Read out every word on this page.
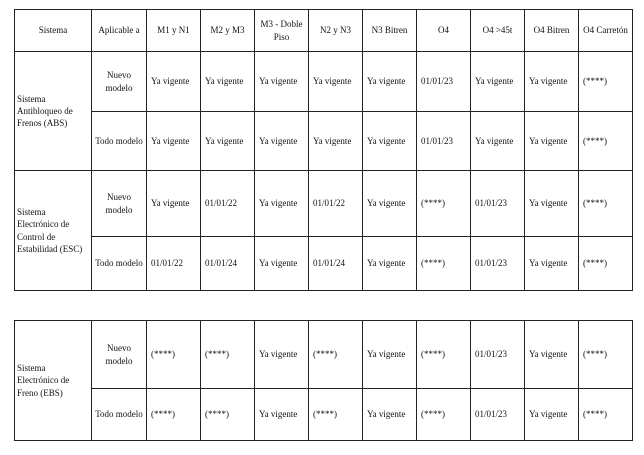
Sistema	Aplicable a	M1 y N1	M2 y M3	M3 - Doble Piso	N2 y N3	N3 Bitren	O4	O4 >45t	O4 Bitren	O4 Carretón
Sistema Antibloqueo de Frenos (ABS)	Nuevo modelo	Ya vigente	Ya vigente	Ya vigente	Ya vigente	Ya vigente	01/01/23	Ya vigente	Ya vigente	(****)
	Todo modelo	Ya vigente	Ya vigente	Ya vigente	Ya vigente	Ya vigente	01/01/23	Ya vigente	Ya vigente	(****)
Sistema Electrónico de Control de Estabilidad (ESC)	Nuevo modelo	Ya vigente	01/01/22	Ya vigente	01/01/22	Ya vigente	(****)	01/01/23	Ya vigente	(****)
	Todo modelo	01/01/22	01/01/24	Ya vigente	01/01/24	Ya vigente	(****)	01/01/23	Ya vigente	(****)
Sistema Electrónico de Freno (EBS)	Nuevo modelo	(****)	(****)	Ya vigente	(****)	Ya vigente	(****)	01/01/23	Ya vigente	(****)
	Todo modelo	(****)	(****)	Ya vigente	(****)	Ya vigente	(****)	01/01/23	Ya vigente	(****)
